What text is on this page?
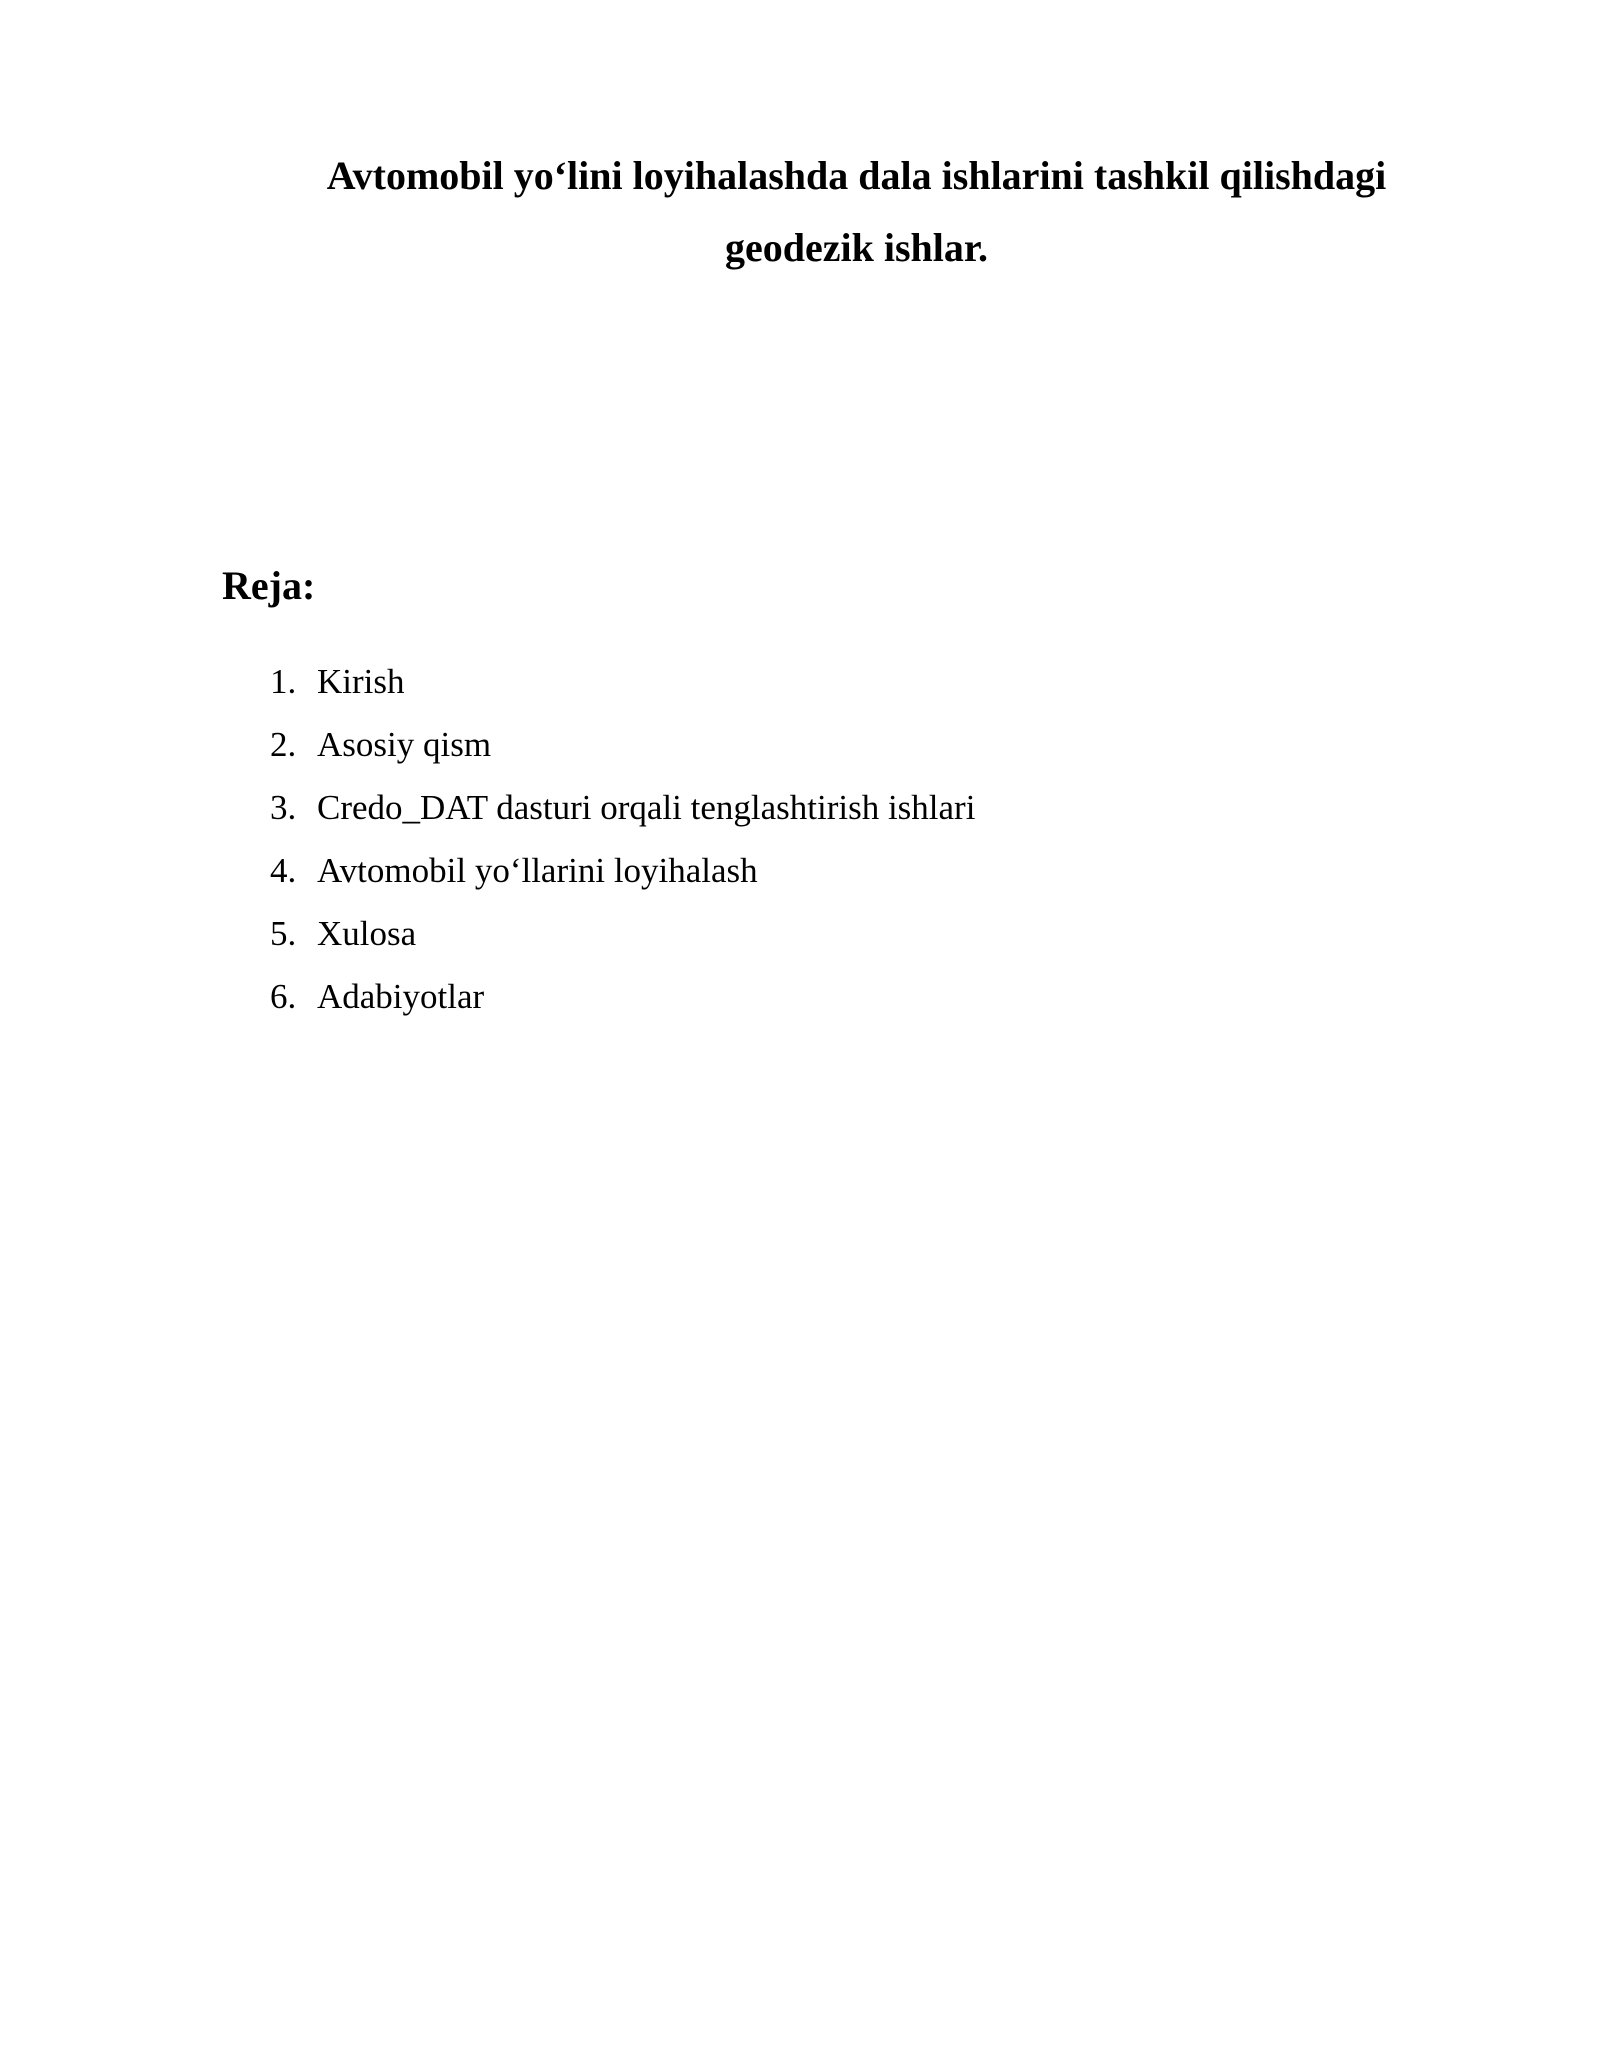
Avtomobil yo‘lini loyihalashda dala ishlarini tashkil qilishdagi
geodezik ishlar.
Reja:
1. Kirish
2. Asosiy qism
3. Credo_DAT dasturi orqali tenglashtirish ishlari
4. Avtomobil yo‘llarini loyihalash
5. Xulosa
6. Adabiyotlar
